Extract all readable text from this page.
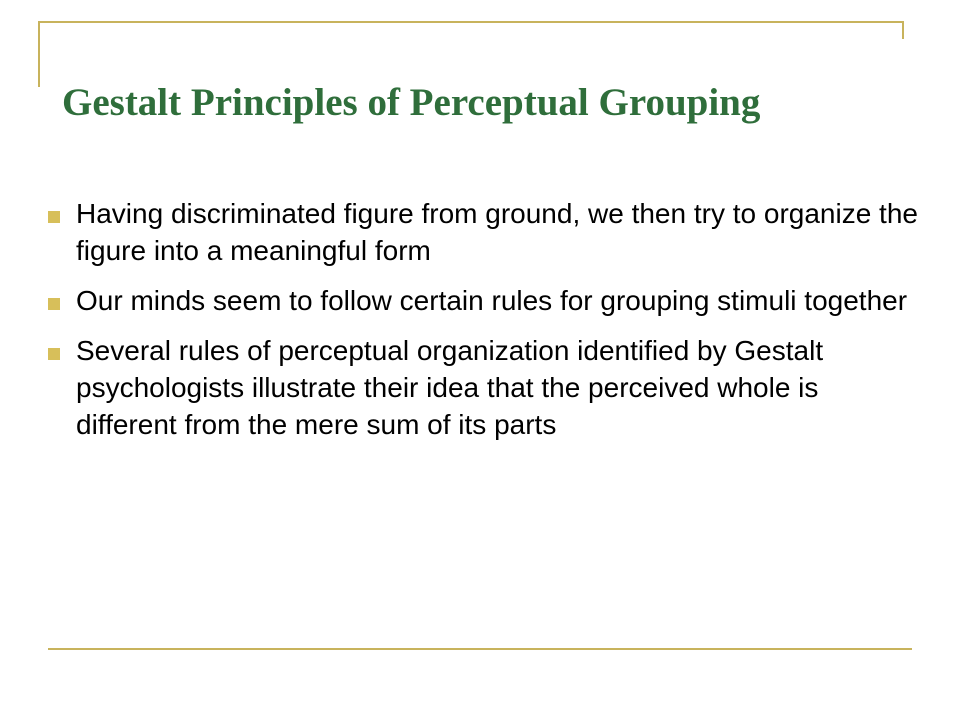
Gestalt Principles of Perceptual Grouping
Having discriminated figure from ground, we then try to organize the figure into a meaningful form
Our minds seem to follow certain rules for grouping stimuli together
Several rules of perceptual organization identified by Gestalt psychologists illustrate their idea that the perceived whole is different from the mere sum of its parts
